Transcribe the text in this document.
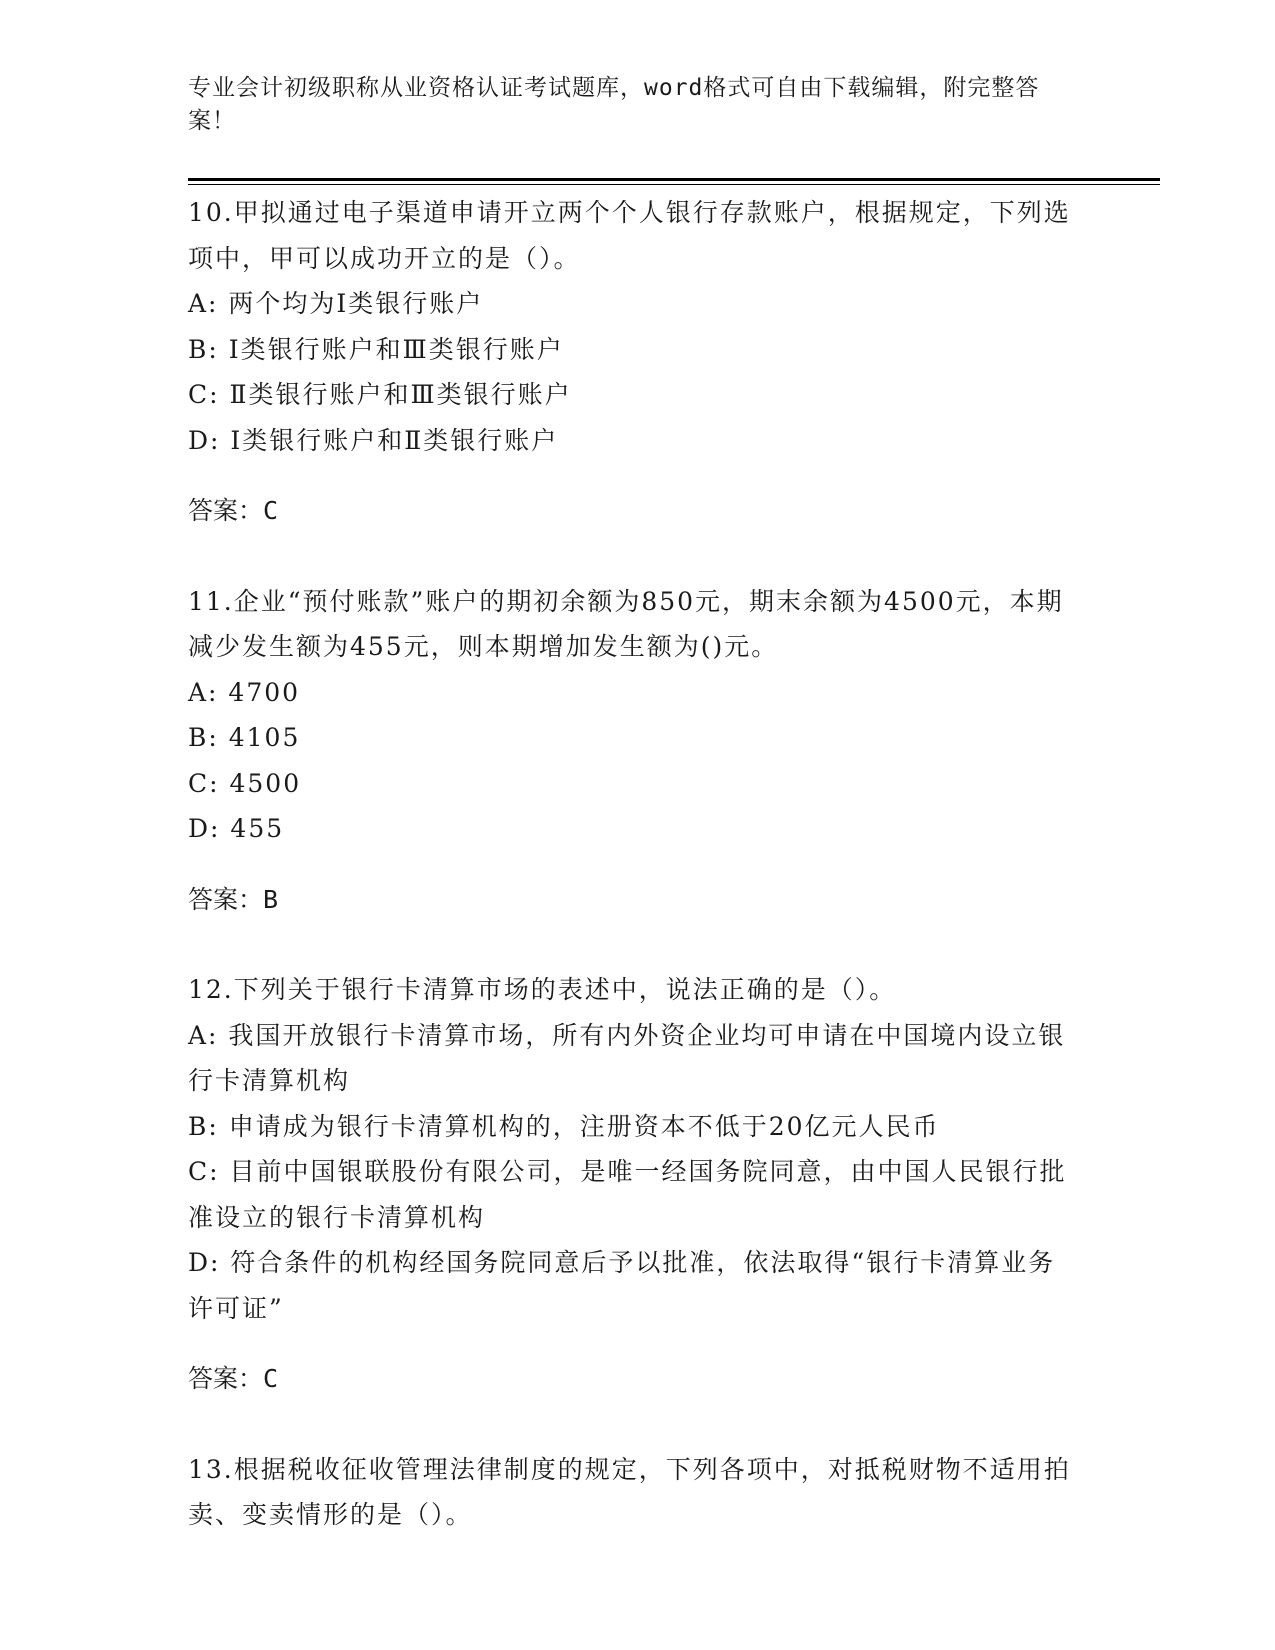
专业会计初级职称从业资格认证考试题库，word格式可自由下载编辑，附完整答案！

10.甲拟通过电子渠道申请开立两个个人银行存款账户，根据规定，下列选项中，甲可以成功开立的是（）。

A: 两个均为Ⅰ类银行账户

B: Ⅰ类银行账户和Ⅲ类银行账户

C: Ⅱ类银行账户和Ⅲ类银行账户

D: Ⅰ类银行账户和Ⅱ类银行账户

答案：C

11.企业“预付账款”账户的期初余额为850元，期末余额为4500元，本期减少发生额为455元，则本期增加发生额为()元。

A: 4700

B: 4105

C: 4500

D: 455

答案：B

12.下列关于银行卡清算市场的表述中，说法正确的是（）。

A: 我国开放银行卡清算市场，所有内外资企业均可申请在中国境内设立银行卡清算机构

B: 申请成为银行卡清算机构的，注册资本不低于20亿元人民币

C: 目前中国银联股份有限公司，是唯一经国务院同意，由中国人民银行批准设立的银行卡清算机构

D: 符合条件的机构经国务院同意后予以批准，依法取得“银行卡清算业务许可证”

答案：C

13.根据税收征收管理法律制度的规定，下列各项中，对抵税财物不适用拍卖、变卖情形的是（）。
